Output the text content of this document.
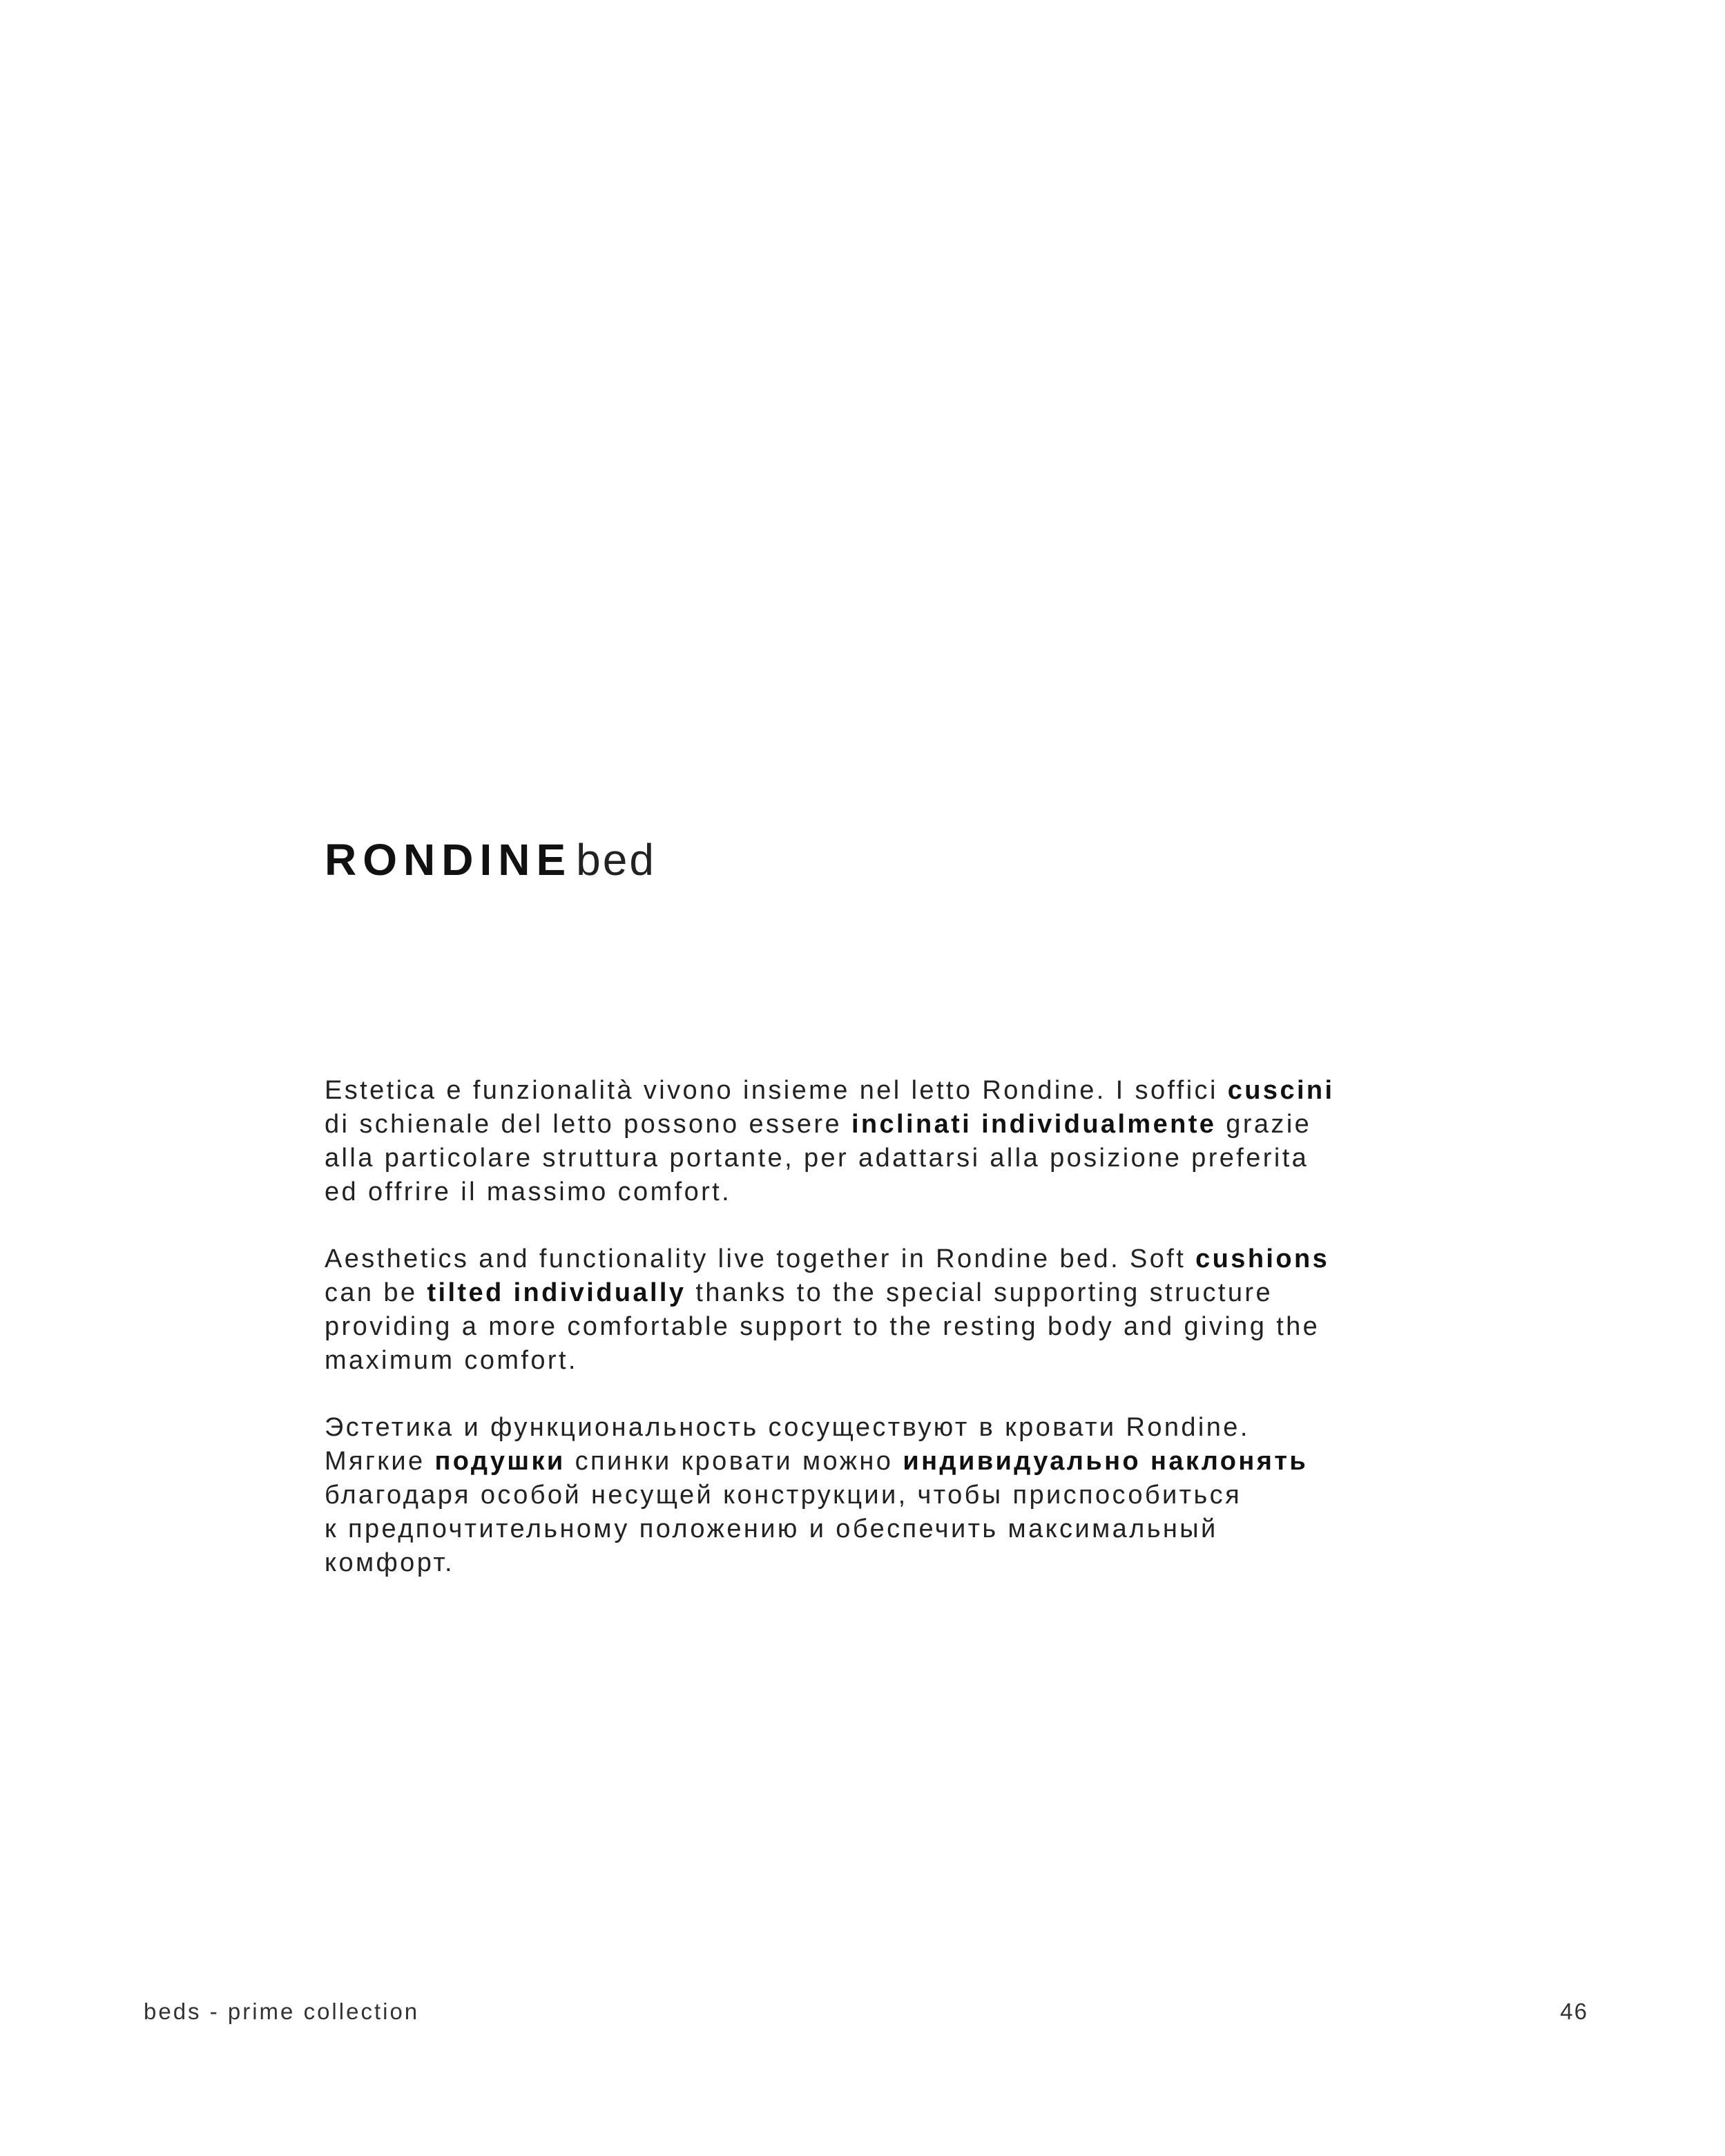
RONDINEbed

Estetica e funzionalità vivono insieme nel letto Rondine. I soffici cuscini
di schienale del letto possono essere inclinati individualmente grazie
alla particolare struttura portante, per adattarsi alla posizione preferita
ed offrire il massimo comfort.

Aesthetics and functionality live together in Rondine bed. Soft cushions
can be tilted individually thanks to the special supporting structure
providing a more comfortable support to the resting body and giving the
maximum comfort.

Эстетика и функциональность сосуществуют в кровати Rondine.
Мягкие подушки спинки кровати можно индивидуально наклонять
благодаря особой несущей конструкции, чтобы приспособиться
к предпочтительному положению и обеспечить максимальный
комфорт.

beds - prime collection	46
